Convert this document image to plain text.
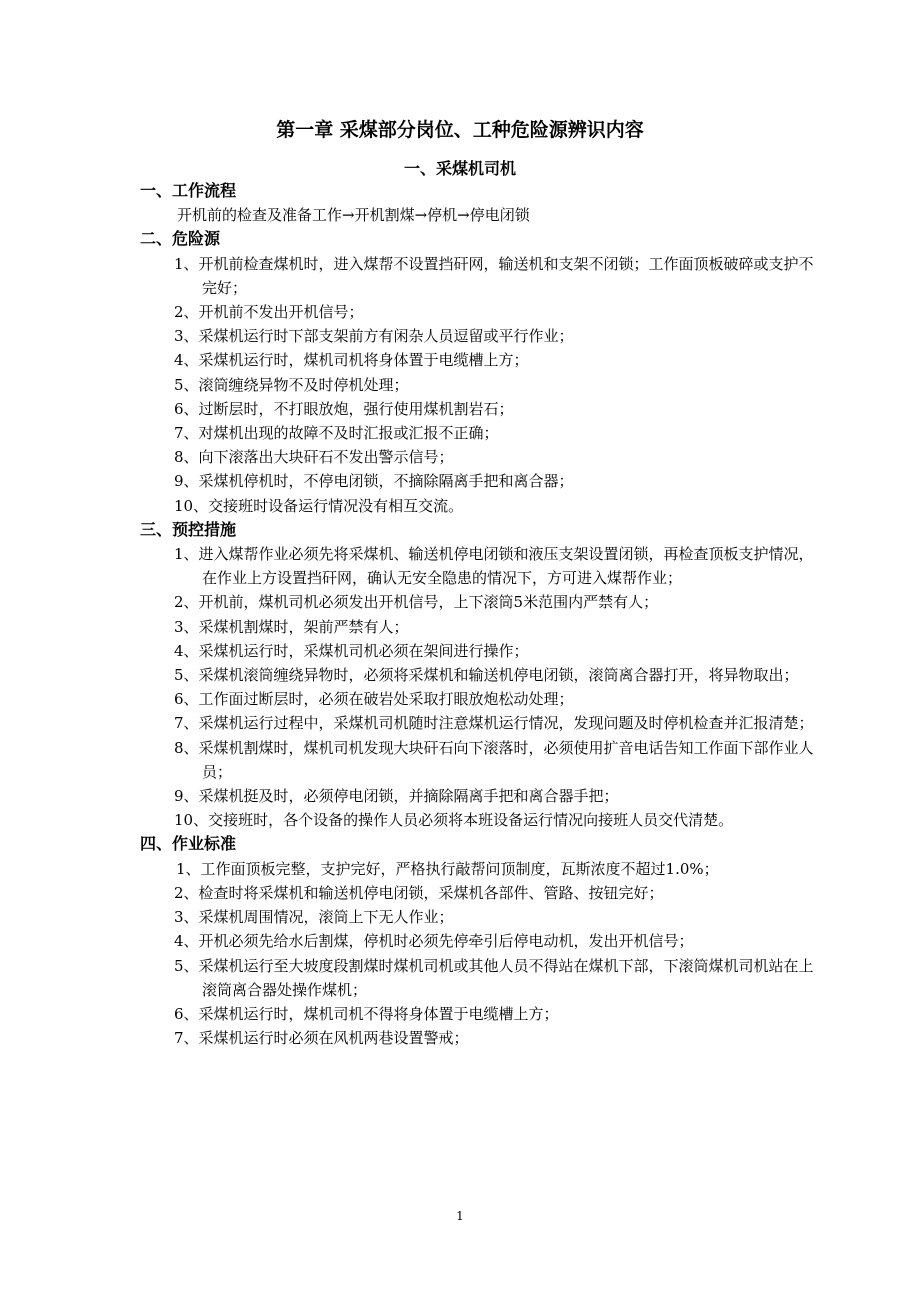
第一章 采煤部分岗位、工种危险源辨识内容
一、采煤机司机
一、工作流程
开机前的检查及准备工作→开机割煤→停机→停电闭锁
二、危险源
1、开机前检查煤机时，进入煤帮不设置挡矸网，输送机和支架不闭锁；工作面顶板破碎或支护不完好；
2、开机前不发出开机信号；
3、采煤机运行时下部支架前方有闲杂人员逗留或平行作业；
4、采煤机运行时，煤机司机将身体置于电缆槽上方；
5、滚筒缠绕异物不及时停机处理；
6、过断层时，不打眼放炮，强行使用煤机割岩石；
7、对煤机出现的故障不及时汇报或汇报不正确；
8、向下滚落出大块矸石不发出警示信号；
9、采煤机停机时，不停电闭锁，不摘除隔离手把和离合器；
10、交接班时设备运行情况没有相互交流。
三、预控措施
1、进入煤帮作业必须先将采煤机、输送机停电闭锁和液压支架设置闭锁，再检查顶板支护情况，在作业上方设置挡矸网，确认无安全隐患的情况下，方可进入煤帮作业；
2、开机前，煤机司机必须发出开机信号，上下滚筒5米范围内严禁有人；
3、采煤机割煤时，架前严禁有人；
4、采煤机运行时，采煤机司机必须在架间进行操作；
5、采煤机滚筒缠绕异物时，必须将采煤机和输送机停电闭锁，滚筒离合器打开，将异物取出；
6、工作面过断层时，必须在破岩处采取打眼放炮松动处理；
7、采煤机运行过程中，采煤机司机随时注意煤机运行情况，发现问题及时停机检查并汇报清楚；
8、采煤机割煤时，煤机司机发现大块矸石向下滚落时，必须使用扩音电话告知工作面下部作业人员；
9、采煤机挺及时，必须停电闭锁，并摘除隔离手把和离合器手把；
10、交接班时，各个设备的操作人员必须将本班设备运行情况向接班人员交代清楚。
四、作业标准
1、工作面顶板完整，支护完好，严格执行敲帮问顶制度，瓦斯浓度不超过1.0%；
2、检查时将采煤机和输送机停电闭锁，采煤机各部件、管路、按钮完好；
3、采煤机周围情况，滚筒上下无人作业；
4、开机必须先给水后割煤，停机时必须先停牵引后停电动机，发出开机信号；
5、采煤机运行至大坡度段割煤时煤机司机或其他人员不得站在煤机下部，下滚筒煤机司机站在上滚筒离合器处操作煤机；
6、采煤机运行时，煤机司机不得将身体置于电缆槽上方；
7、采煤机运行时必须在风机两巷设置警戒；
1
